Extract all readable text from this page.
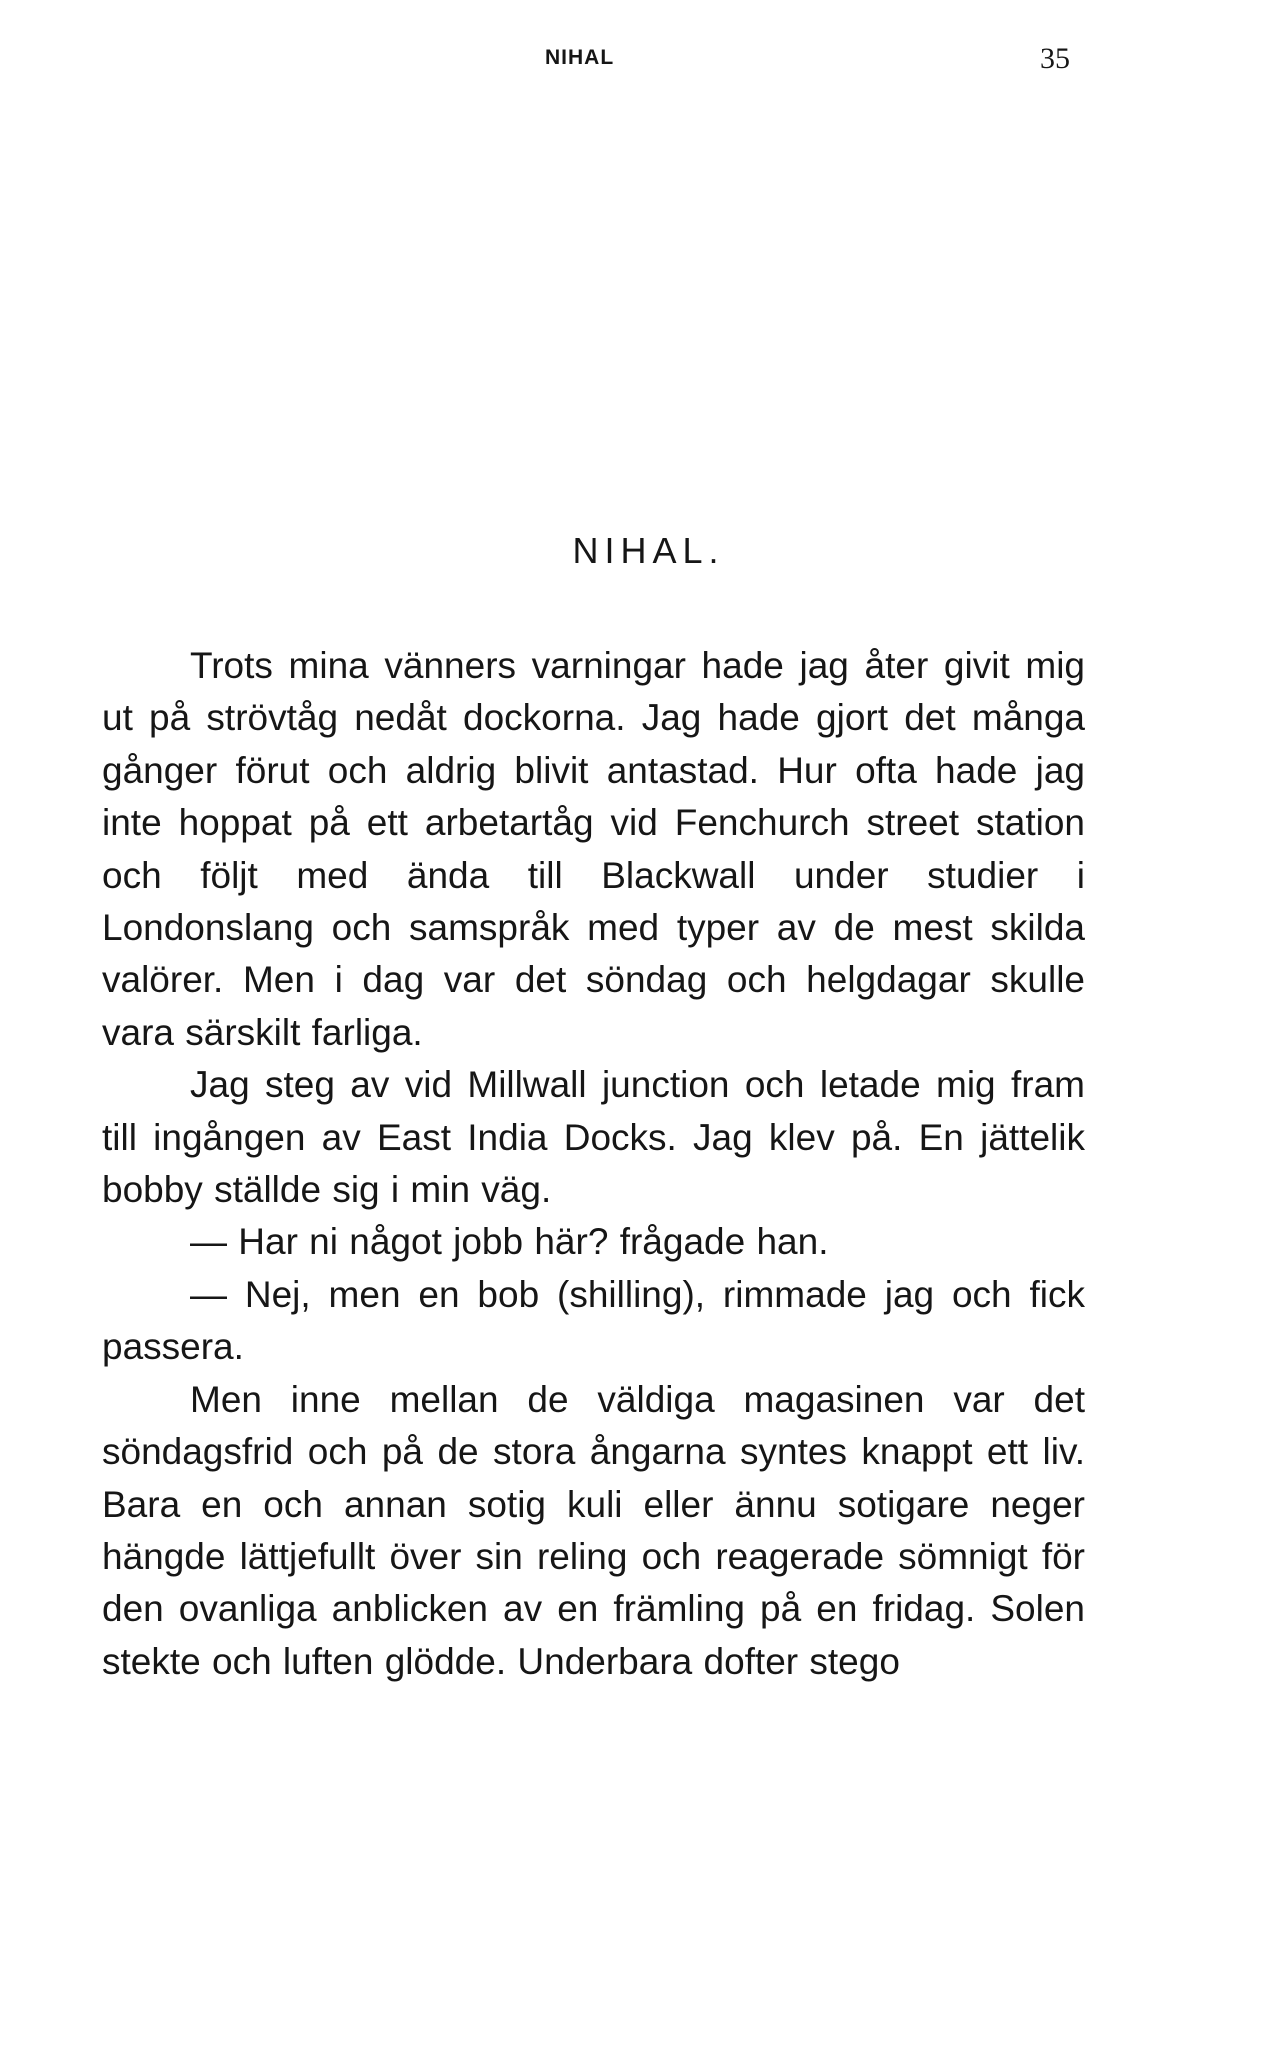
NIHAL	35
NIHAL.

Trots mina vänners varningar hade jag åter givit mig ut på strövtåg nedåt dockorna. Jag hade gjort det många gånger förut och aldrig blivit antastad. Hur ofta hade jag inte hoppat på ett arbetartåg vid Fenchurch street station och följt med ända till Blackwall under studier i Londonslang och samspråk med typer av de mest skilda valörer. Men i dag var det söndag och helgdagar skulle vara särskilt farliga.

Jag steg av vid Millwall junction och letade mig fram till ingången av East India Docks. Jag klev på. En jättelik bobby ställde sig i min väg.

— Har ni något jobb här? frågade han.

— Nej, men en bob (shilling), rimmade jag och fick passera.

Men inne mellan de väldiga magasinen var det söndagsfrid och på de stora ångarna syntes knappt ett liv. Bara en och annan sotig kuli eller ännu sotigare neger hängde lättjefullt över sin reling och reagerade sömnigt för den ovanliga anblicken av en främling på en fridag. Solen stekte och luften glödde. Underbara dofter stego
